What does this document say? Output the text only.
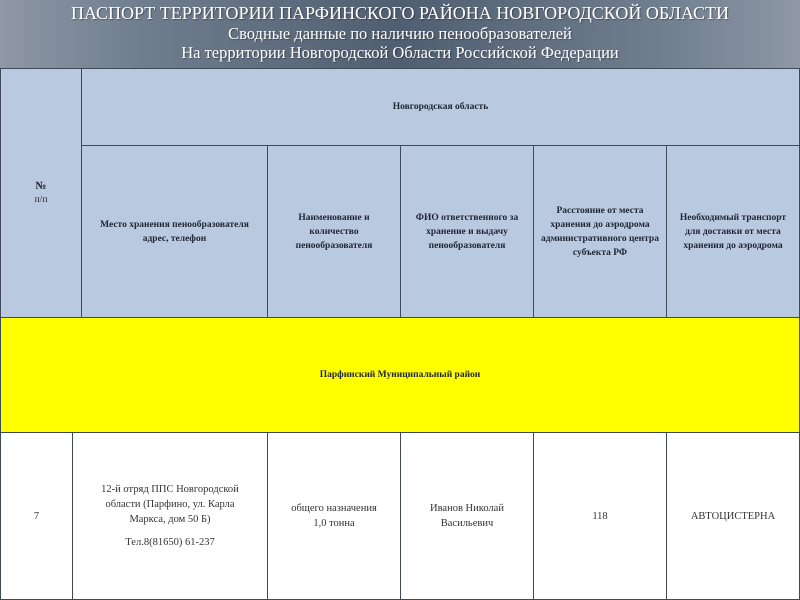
ПАСПОРТ ТЕРРИТОРИИ ПАРФИНСКОГО РАЙОНА НОВГОРОДСКОЙ ОБЛАСТИ
Сводные данные по наличию пенообразователей
На территории Новгородской Области Российской Федерации
№
п/п
Новгородская область
Место хранения пенообразователя адрес, телефон
Наименование и количество пенообразователя
ФИО ответственного за хранение и выдачу пенообразователя
Расстояние от места хранения до аэродрома административного центра субъекта РФ
Необходимый транспорт для доставки от места хранения до аэродрома
Парфинский Муниципальный район
7
12-й отряд ППС Новгородской области (Парфино, ул. Карла Маркса, дом 50 Б)
Тел.8(81650) 61-237
общего назначения
1,0 тонна
Иванов Николай Васильевич
118	АВТОЦИСТЕРНА
